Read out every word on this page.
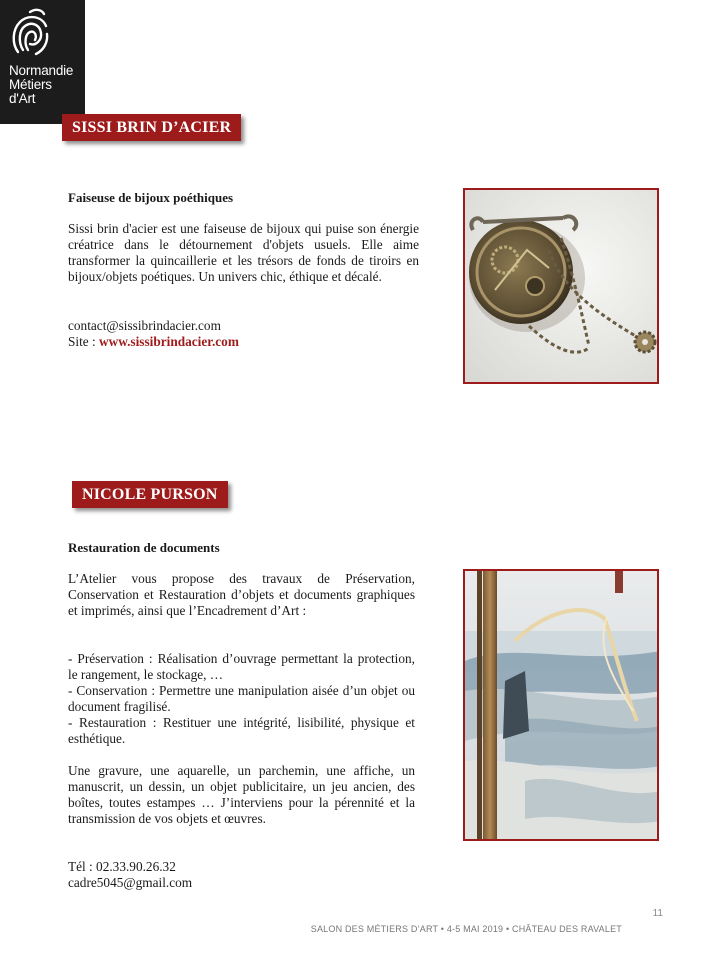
Normandie
Métiers
d'Art
SISSI BRIN D’ACIER
Faiseuse de bijoux poéthiques

Sissi brin d'acier est une faiseuse de bijoux qui puise son énergie créatrice dans le détournement d'objets usuels. Elle aime transformer la quincaillerie et les trésors de fonds de tiroirs en bijoux/objets poétiques. Un univers chic, éthique et décalé.

contact@sissibrindacier.com
Site : www.sissibrindacier.com
NICOLE PURSON
Restauration de documents

L’Atelier vous propose des travaux de Préservation, Conservation et Restauration d’objets et documents graphiques et imprimés, ainsi que l’Encadrement d’Art :

- Préservation : Réalisation d’ouvrage permettant la protection, le rangement, le stockage, …

- Conservation : Permettre une manipulation aisée d’un objet ou document fragilisé.

- Restauration : Restituer une intégrité, lisibilité, physique et esthétique.

Une gravure, une aquarelle, un parchemin, une affiche, un manuscrit, un dessin, un objet publicitaire, un jeu ancien, des boîtes, toutes estampes … J’interviens pour la pérennité et la transmission de vos objets et œuvres.

Tél : 02.33.90.26.32
cadre5045@gmail.com
11
SALON DES MÉTIERS D’ART • 4-5 MAI 2019 • CHÂTEAU DES RAVALET
